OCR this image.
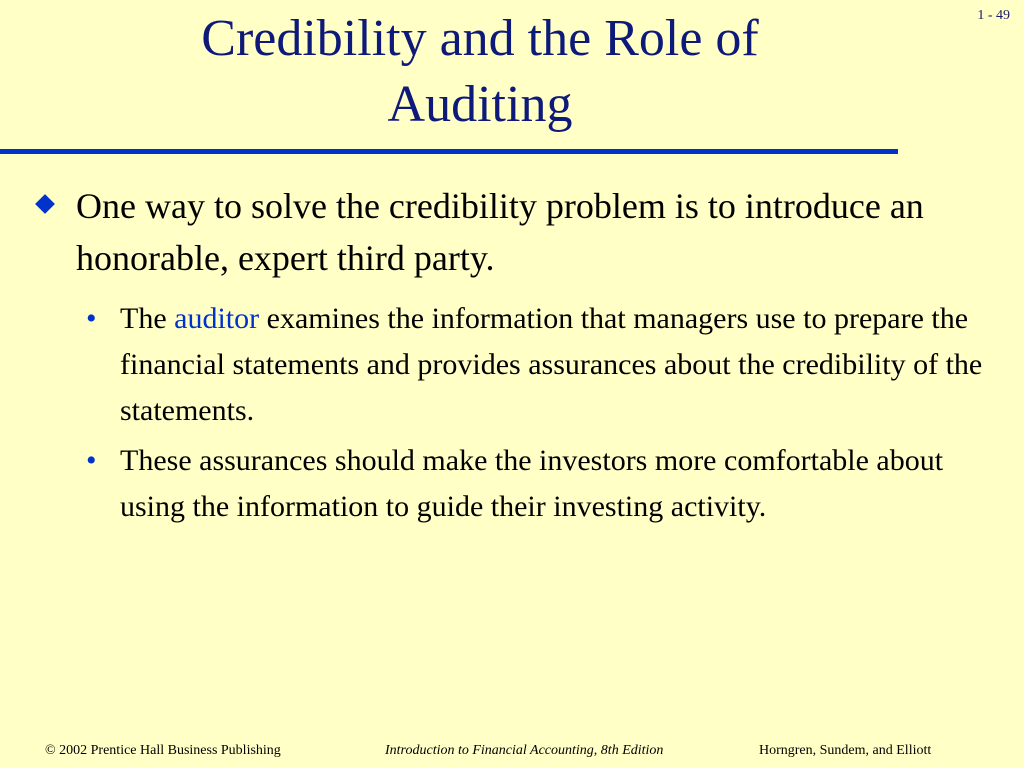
1 - 49
Credibility and the Role of
Auditing
One way to solve the credibility problem is to introduce an honorable, expert third party.
• The auditor examines the information that managers use to prepare the financial statements and provides assurances about the credibility of the statements.
• These assurances should make the investors more comfortable about using the information to guide their investing activity.
© 2002 Prentice Hall Business Publishing	Introduction to Financial Accounting, 8th Edition	Horngren, Sundem, and Elliott
